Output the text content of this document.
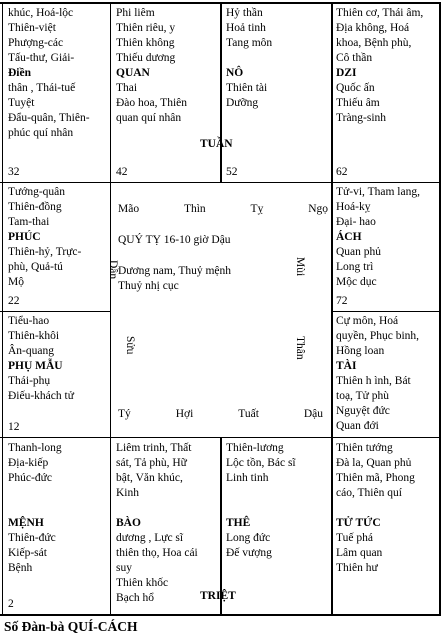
khúc, Hoá-lộc
Thiên-việt
Phượng-các
Tấu-thư, Giải-
Điền
thân , Thái-tuế
Tuyệt
Đẩu-quân, Thiên-
phúc quí nhân
32
Phi liêm
Thiên riêu, y
Thiên không
Thiếu dương
QUAN
Thai
Đào hoa, Thiên
quan quí nhân
42
Hỷ thần
Hoả tinh
Tang môn
NÔ
Thiên tài
Dưỡng
52
Thiên cơ, Thái âm,
Địa không, Hoá
khoa, Bệnh phù,
Cô thần
DZI
Quốc ấn
Thiếu âm
Tràng-sinh
62
TUẦN
Tướng-quân
Thiên-đồng
Tam-thai
PHÚC
Thiên-hỷ, Trực-
phù, Quả-tú
Mộ
22
Tử-vi, Tham lang,
Hoá-kỵ
Đại- hao
ÁCH
Quan phủ
Long trì
Mộc dục
72
Tiểu-hao
Thiên-khôi
Ân-quang
PHỤ MẪU
Thái-phụ
Điếu-khách tử
12
Cự môn, Hoá
quyền, Phục binh,
Hồng loan
TÀI
Thiên h ình, Bát
toạ, Tử phù
Nguyệt đức
Quan đới
Mão	Thìn	Tỵ	Ngọ
QUÝ TỴ 16-10 giờ Dậu
Dương nam, Thuỷ mệnh
Thuỷ nhị cục
Dần
Sửu
Mùi
Thân
Tý	Hợi	Tuất	Dậu
Thanh-long
Địa-kiếp
Phúc-đức
MỆNH
Thiên-đức
Kiếp-sát
Bệnh
2
Liêm trinh, Thất
sát, Tả phù, Hữ
bật, Văn khúc,
Kinh
BÀO
dương , Lực sĩ
thiên thọ, Hoa cái
suy
Thiên khốc
Bạch hổ
Thiên-lương
Lộc tồn, Bác sĩ
Linh tinh
THÊ
Long đức
Đế vượng
Thiên tướng
Đà la, Quan phủ
Thiên mã, Phong
cáo, Thiên quí
TỬ TỨC
Tuế phá
Lâm quan
Thiên hư
TRIỆT
Số Đàn-bà QUÍ-CÁCH
